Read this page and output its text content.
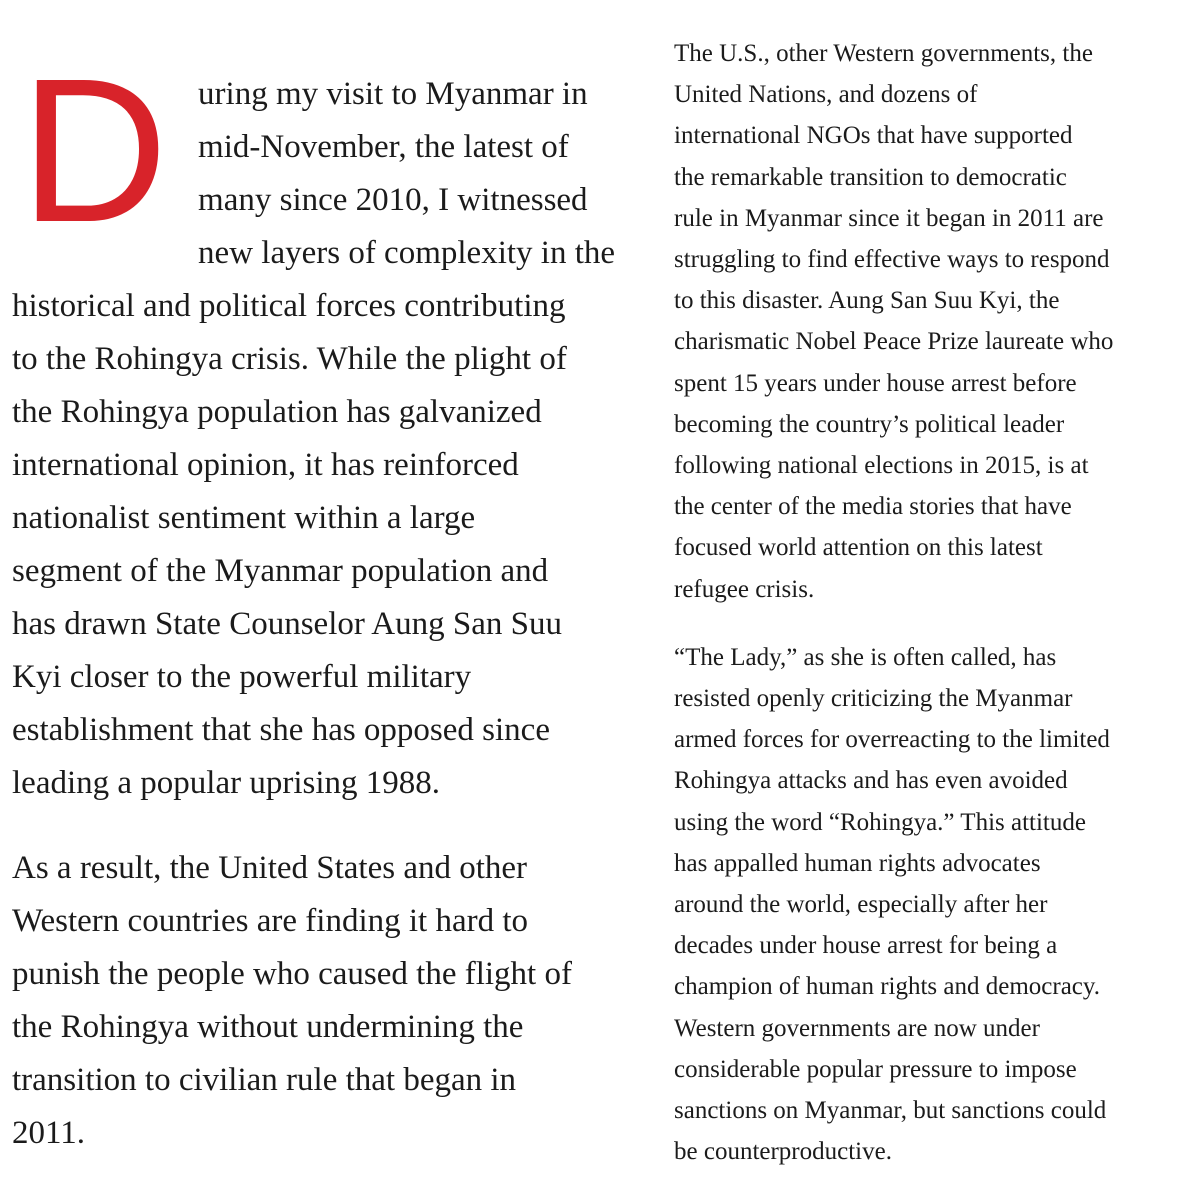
During my visit to Myanmar in
mid-November, the latest of
many since 2010, I witnessed
new layers of complexity in the
historical and political forces contributing
to the Rohingya crisis. While the plight of
the Rohingya population has galvanized
international opinion, it has reinforced
nationalist sentiment within a large
segment of the Myanmar population and
has drawn State Counselor Aung San Suu
Kyi closer to the powerful military
establishment that she has opposed since
leading a popular uprising 1988.

As a result, the United States and other
Western countries are finding it hard to
punish the people who caused the flight of
the Rohingya without undermining the
transition to civilian rule that began in
2011.

The U.S., other Western governments, the
United Nations, and dozens of
international NGOs that have supported
the remarkable transition to democratic
rule in Myanmar since it began in 2011 are
struggling to find effective ways to respond
to this disaster. Aung San Suu Kyi, the
charismatic Nobel Peace Prize laureate who
spent 15 years under house arrest before
becoming the country’s political leader
following national elections in 2015, is at
the center of the media stories that have
focused world attention on this latest
refugee crisis.

“The Lady,” as she is often called, has
resisted openly criticizing the Myanmar
armed forces for overreacting to the limited
Rohingya attacks and has even avoided
using the word “Rohingya.” This attitude
has appalled human rights advocates
around the world, especially after her
decades under house arrest for being a
champion of human rights and democracy.
Western governments are now under
considerable popular pressure to impose
sanctions on Myanmar, but sanctions could
be counterproductive.
